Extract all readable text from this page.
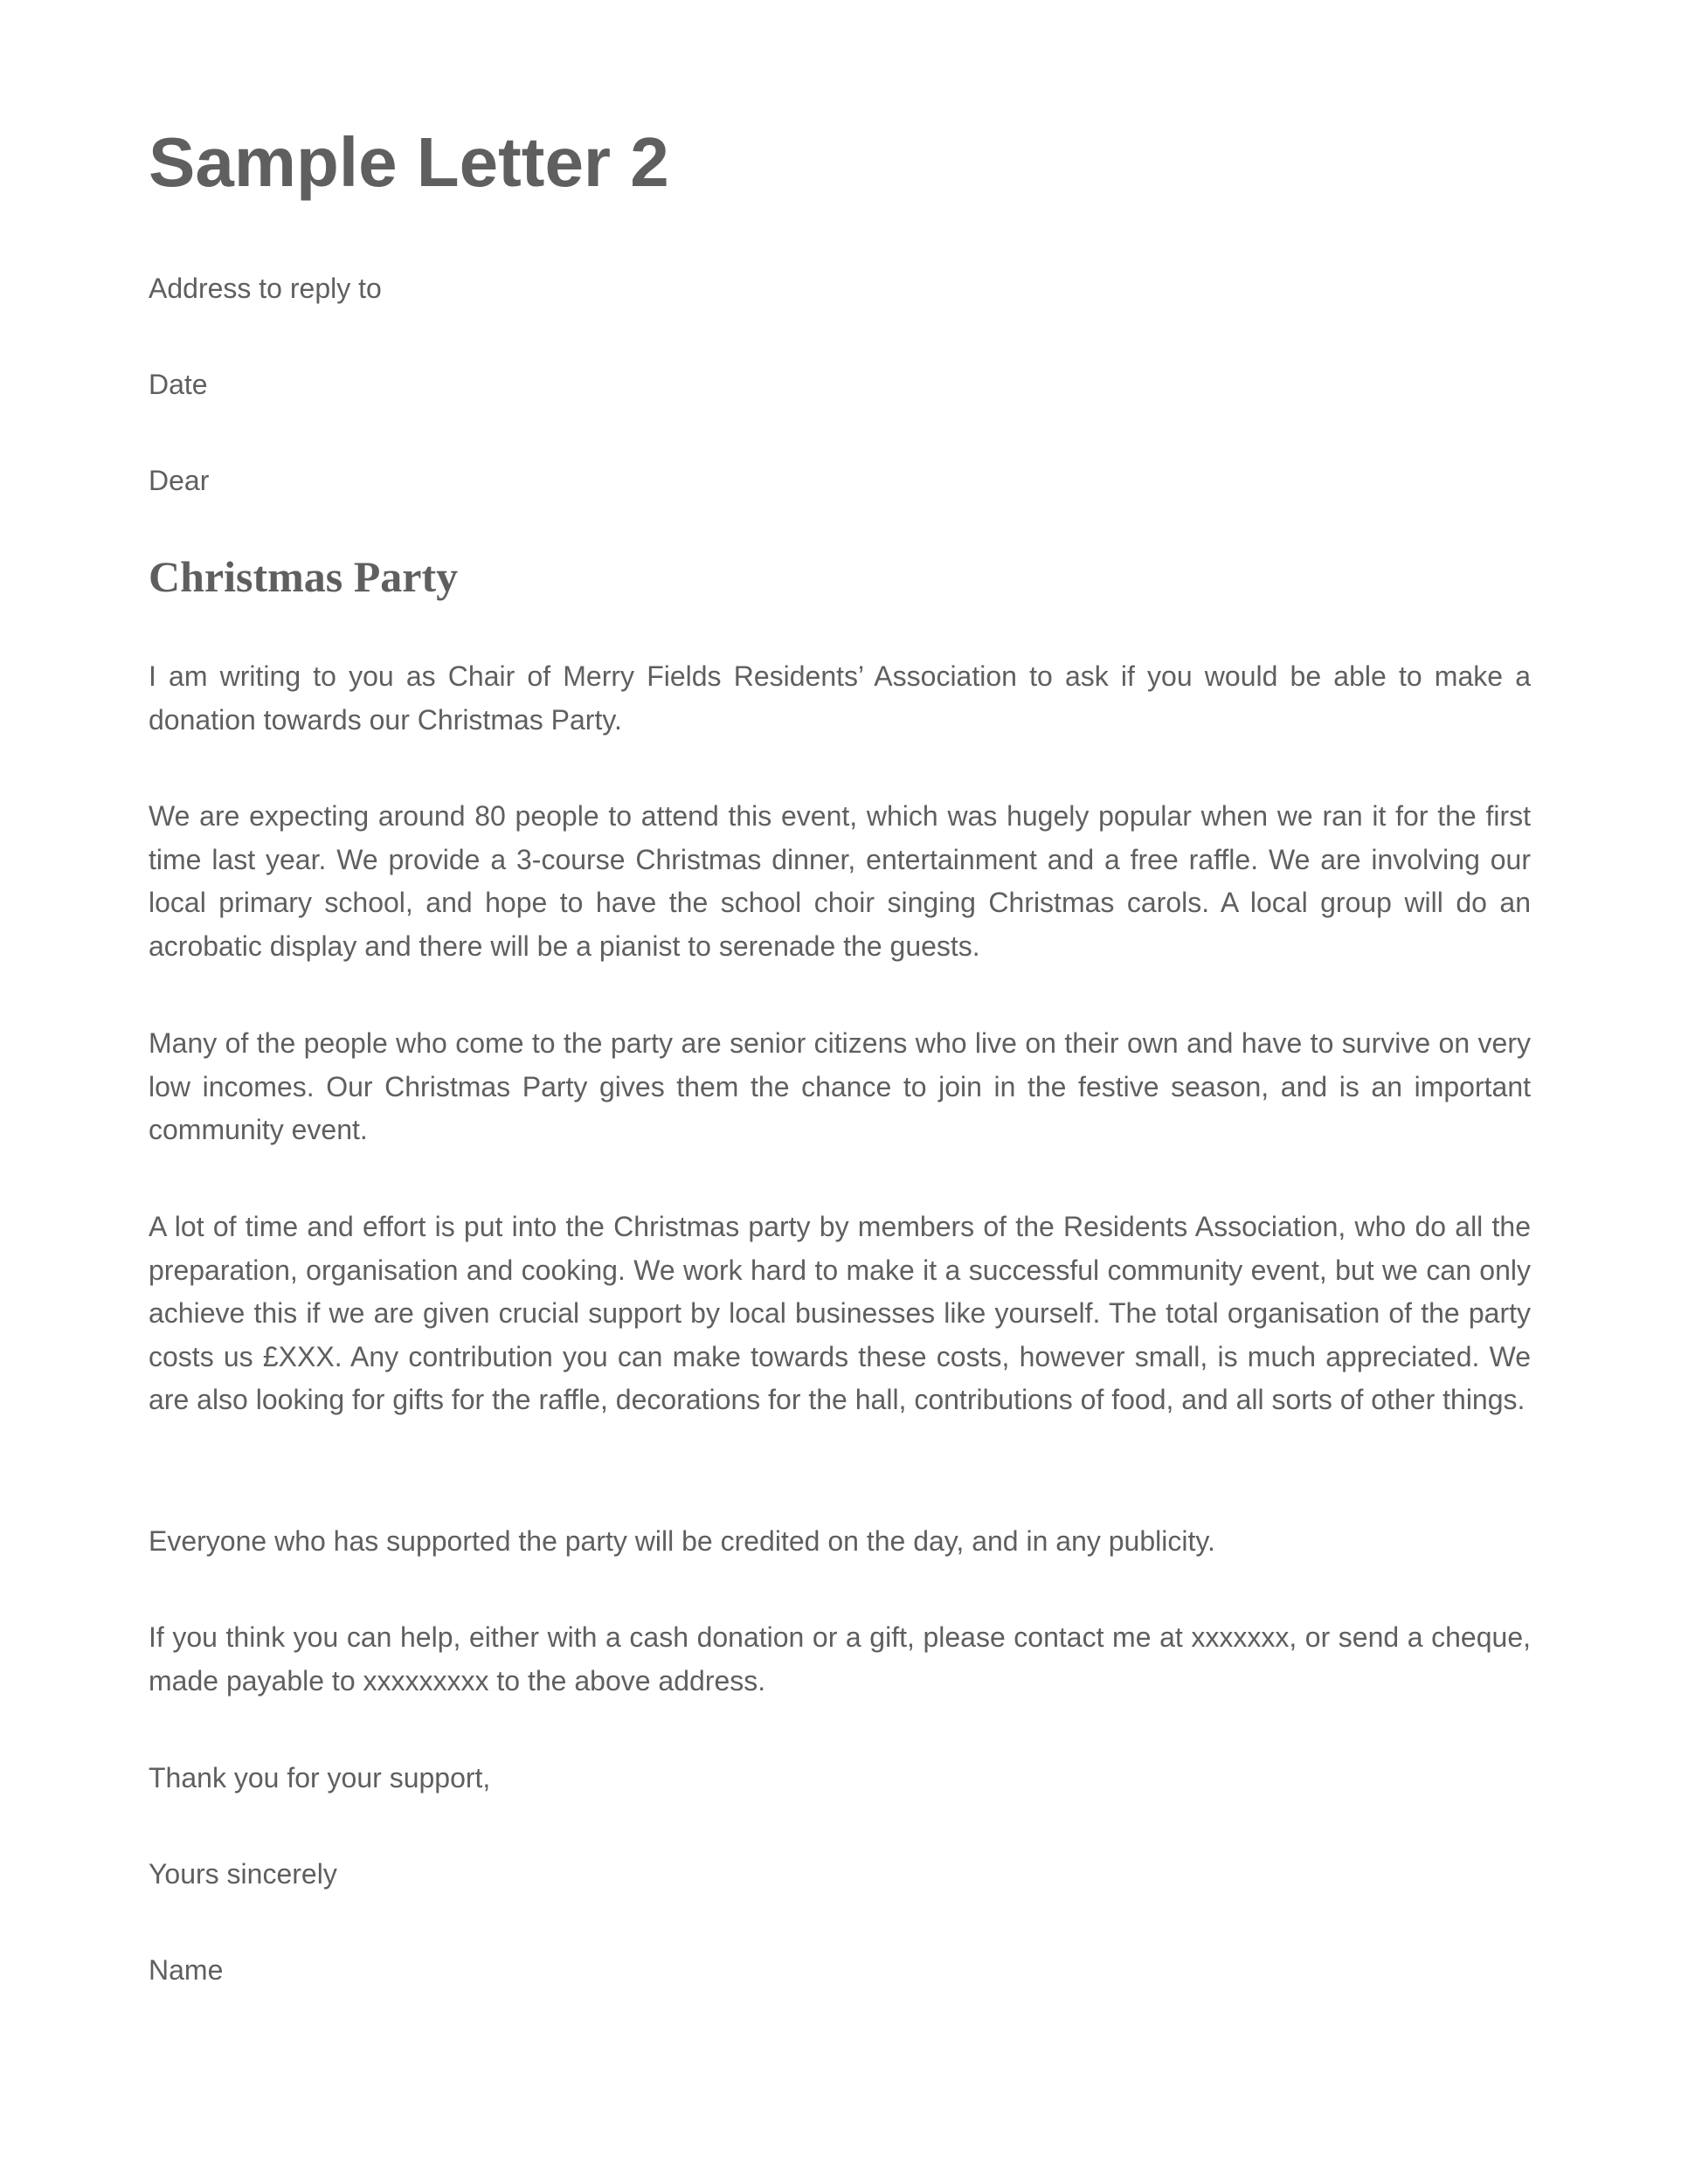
Sample Letter 2

Address to reply to

Date

Dear

Christmas Party

I am writing to you as Chair of Merry Fields Residents’ Association to ask if you would be able to make a donation towards our Christmas Party.

We are expecting around 80 people to attend this event, which was hugely popular when we ran it for the first time last year. We provide a 3-course Christmas dinner, entertainment and a free raffle. We are involving our local primary school, and hope to have the school choir singing Christmas carols. A local group will do an acrobatic display and there will be a pianist to serenade the guests.

Many of the people who come to the party are senior citizens who live on their own and have to survive on very low incomes. Our Christmas Party gives them the chance to join in the festive season, and is an important community event.

A lot of time and effort is put into the Christmas party by members of the Residents Association, who do all the preparation, organisation and cooking. We work hard to make it a successful community event, but we can only achieve this if we are given crucial support by local businesses like yourself. The total organisation of the party costs us £XXX. Any contribution you can make towards these costs, however small, is much appreciated. We are also looking for gifts for the raffle, decorations for the hall, contributions of food, and all sorts of other things.

Everyone who has supported the party will be credited on the day, and in any publicity.

If you think you can help, either with a cash donation or a gift, please contact me at xxxxxxx, or send a cheque, made payable to xxxxxxxxx to the above address.

Thank you for your support,

Yours sincerely

Name
